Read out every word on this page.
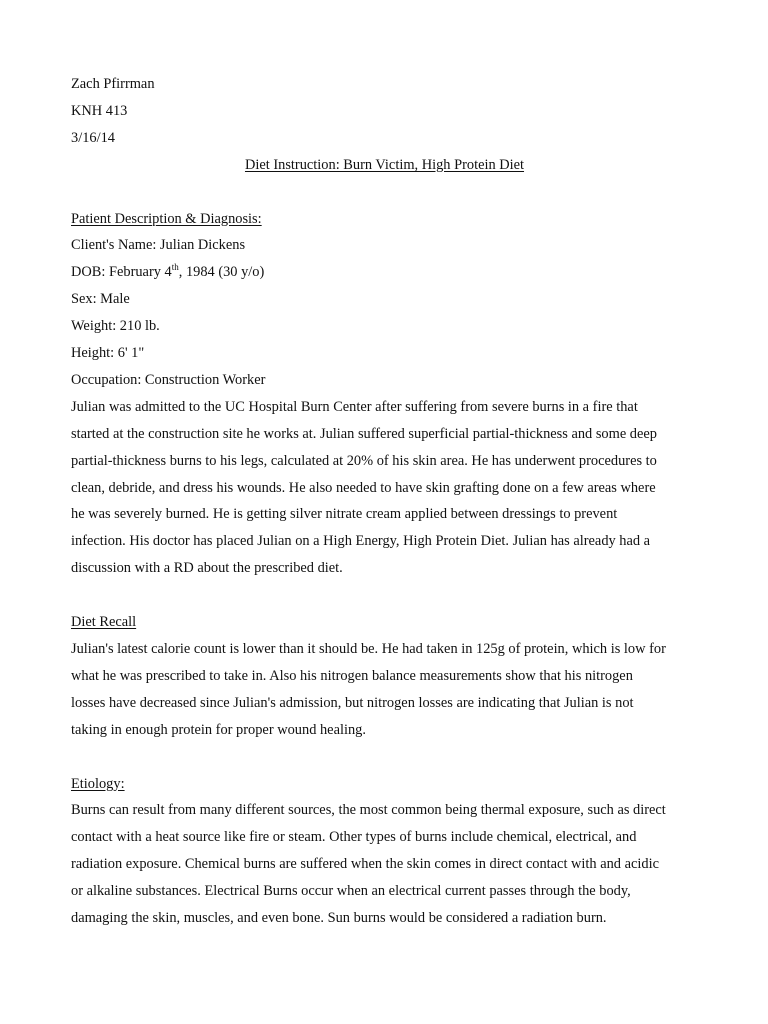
Zach Pfirrman

KNH 413

3/16/14

Diet Instruction: Burn Victim, High Protein Diet

Patient Description & Diagnosis:

Client's Name: Julian Dickens

DOB: February 4th, 1984 (30 y/o)

Sex: Male

Weight: 210 lb.

Height: 6' 1"

Occupation: Construction Worker

Julian was admitted to the UC Hospital Burn Center after suffering from severe burns in a fire that

started at the construction site he works at. Julian suffered superficial partial-thickness and some deep

partial-thickness burns to his legs, calculated at 20% of his skin area. He has underwent procedures to

clean, debride, and dress his wounds. He also needed to have skin grafting done on a few areas where

he was severely burned. He is getting silver nitrate cream applied between dressings to prevent

infection. His doctor has placed Julian on a High Energy, High Protein Diet. Julian has already had a

discussion with a RD about the prescribed diet.

Diet Recall

Julian's latest calorie count is lower than it should be. He had taken in 125g of protein, which is low for

what he was prescribed to take in. Also his nitrogen balance measurements show that his nitrogen

losses have decreased since Julian's admission, but nitrogen losses are indicating that Julian is not

taking in enough protein for proper wound healing.

Etiology:

Burns can result from many different sources, the most common being thermal exposure, such as direct

contact with a heat source like fire or steam. Other types of burns include chemical, electrical, and

radiation exposure. Chemical burns are suffered when the skin comes in direct contact with and acidic

or alkaline substances. Electrical Burns occur when an electrical current passes through the body,

damaging the skin, muscles, and even bone. Sun burns would be considered a radiation burn.
